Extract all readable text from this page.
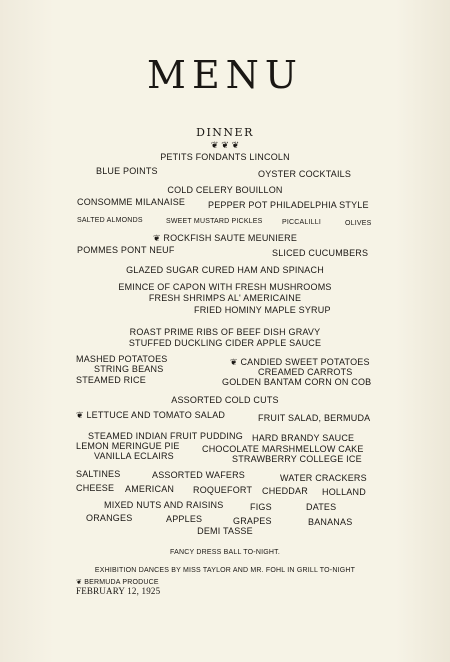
MENU
DINNER
❦ ❦ ❦
PETITS FONDANTS LINCOLN
BLUE POINTS	OYSTER COCKTAILS
COLD CELERY BOUILLON
CONSOMME MILANAISE	PEPPER POT PHILADELPHIA STYLE
SALTED ALMONDS	SWEET MUSTARD PICKLES	PICCALILLI	OLIVES
❦ ROCKFISH SAUTE MEUNIERE
POMMES PONT NEUF	SLICED CUCUMBERS
GLAZED SUGAR CURED HAM AND SPINACH
EMINCE OF CAPON WITH FRESH MUSHROOMS
FRESH SHRIMPS AL' AMERICAINE
FRIED HOMINY MAPLE SYRUP
ROAST PRIME RIBS OF BEEF DISH GRAVY
STUFFED DUCKLING CIDER APPLE SAUCE
MASHED POTATOES	❦ CANDIED SWEET POTATOES
STRING BEANS	CREAMED CARROTS
STEAMED RICE	GOLDEN BANTAM CORN ON COB
ASSORTED COLD CUTS
❦ LETTUCE AND TOMATO SALAD	FRUIT SALAD, BERMUDA
STEAMED INDIAN FRUIT PUDDING HARD BRANDY SAUCE
LEMON MERINGUE PIE CHOCOLATE MARSHMELLOW CAKE
VANILLA ECLAIRS	STRAWBERRY COLLEGE ICE
SALTINES	ASSORTED WAFERS	WATER CRACKERS
CHEESE AMERICAN ROQUEFORT CHEDDAR HOLLAND
MIXED NUTS AND RAISINS	FIGS	DATES
ORANGES	APPLES	GRAPES	BANANAS
DEMI TASSE
FANCY DRESS BALL TO-NIGHT.
EXHIBITION DANCES BY MISS TAYLOR AND MR. FOHL IN GRILL TO-NIGHT
❦ BERMUDA PRODUCE
FEBRUARY 12, 1925
